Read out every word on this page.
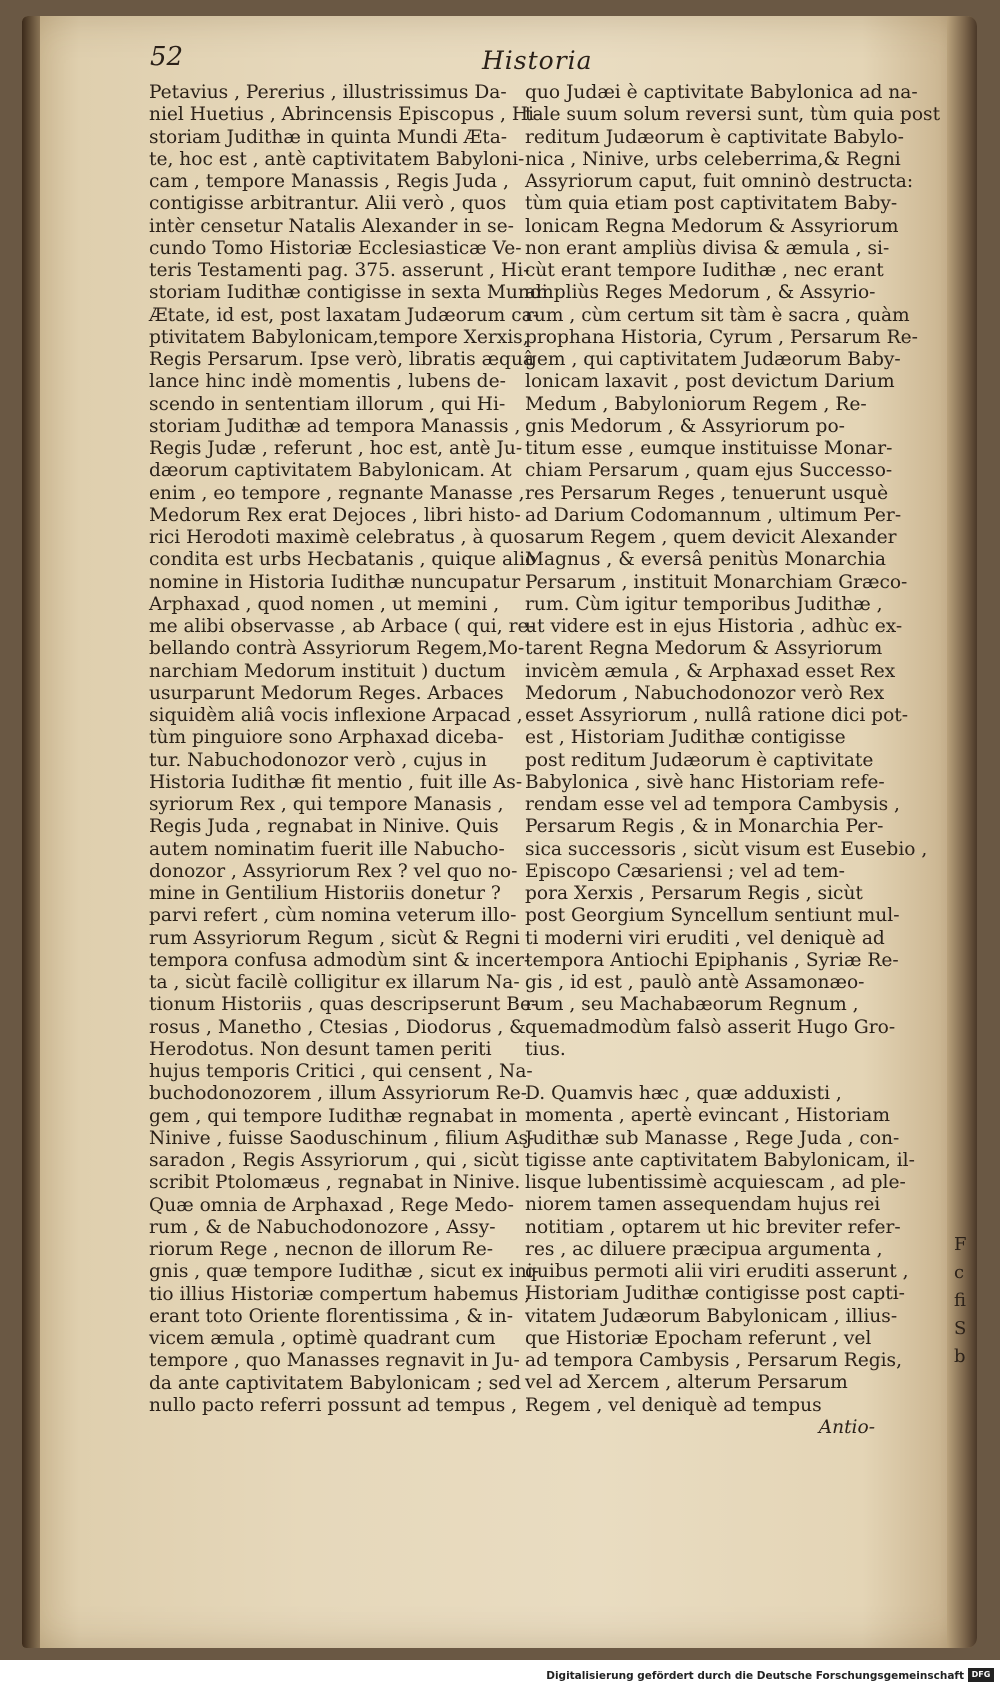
52	Historia
Petavius , Pererius , illustrissimus Da-
niel Huetius , Abrincensis Episcopus , Hi-
storiam Judithæ in quinta Mundi Æta-
te, hoc est , antè captivitatem Babyloni-
cam , tempore Manassis , Regis Juda ,
contigisse arbitrantur. Alii verò , quos
intèr censetur Natalis Alexander in se-
cundo Tomo Historiæ Ecclesiasticæ Ve-
teris Testamenti pag. 375. asserunt , Hi-
storiam Iudithæ contigisse in sexta Mundi
Ætate, id est, post laxatam Judæorum ca-
ptivitatem Babylonicam,tempore Xerxis,
Regis Persarum. Ipse verò, libratis æquâ
lance hinc indè momentis , lubens de-
scendo in sententiam illorum , qui Hi-
storiam Judithæ ad tempora Manassis ,
Regis Judæ , referunt , hoc est, antè Ju-
dæorum captivitatem Babylonicam. At
enim , eo tempore , regnante Manasse ,
Medorum Rex erat Dejoces , libri histo-
rici Herodoti maximè celebratus , à quo
condita est urbs Hecbatanis , quique alio
nomine in Historia Iudithæ nuncupatur
Arphaxad , quod nomen , ut memini ,
me alibi observasse , ab Arbace ( qui, re-
bellando contrà Assyriorum Regem,Mo-
narchiam Medorum instituit ) ductum
usurparunt Medorum Reges. Arbaces
siquidèm aliâ vocis inflexione Arpacad ,
tùm pinguiore sono Arphaxad diceba-
tur. Nabuchodonozor verò , cujus in
Historia Iudithæ fit mentio , fuit ille As-
syriorum Rex , qui tempore Manasis ,
Regis Juda , regnabat in Ninive. Quis
autem nominatim fuerit ille Nabucho-
donozor , Assyriorum Rex ? vel quo no-
mine in Gentilium Historiis donetur ?
parvi refert , cùm nomina veterum illo-
rum Assyriorum Regum , sicùt & Regni
tempora confusa admodùm sint & incer-
ta , sicùt facilè colligitur ex illarum Na-
tionum Historiis , quas descripserunt Be-
rosus , Manetho , Ctesias , Diodorus , &
Herodotus. Non desunt tamen periti
hujus temporis Critici , qui censent , Na-
buchodonozorem , illum Assyriorum Re-
gem , qui tempore Iudithæ regnabat in
Ninive , fuisse Saoduschinum , filium As-
saradon , Regis Assyriorum , qui , sicùt
scribit Ptolomæus , regnabat in Ninive.
Quæ omnia de Arphaxad , Rege Medo-
rum , & de Nabuchodonozore , Assy-
riorum Rege , necnon de illorum Re-
gnis , quæ tempore Iudithæ , sicut ex ini-
tio illius Historiæ compertum habemus ,
erant toto Oriente florentissima , & in-
vicem æmula , optimè quadrant cum
tempore , quo Manasses regnavit in Ju-
da ante captivitatem Babylonicam ; sed
nullo pacto referri possunt ad tempus ,
quo Judæi è captivitate Babylonica ad na-
tale suum solum reversi sunt, tùm quia post
reditum Judæorum è captivitate Babylo-
nica , Ninive, urbs celeberrima,& Regni
Assyriorum caput, fuit omninò destructa:
tùm quia etiam post captivitatem Baby-
lonicam Regna Medorum & Assyriorum
non erant ampliùs divisa & æmula , si-
cùt erant tempore Iudithæ , nec erant
ampliùs Reges Medorum , & Assyrio-
rum , cùm certum sit tàm è sacra , quàm
prophana Historia, Cyrum , Persarum Re-
gem , qui captivitatem Judæorum Baby-
lonicam laxavit , post devictum Darium
Medum , Babyloniorum Regem , Re-
gnis Medorum , & Assyriorum po-
titum esse , eumque instituisse Monar-
chiam Persarum , quam ejus Successo-
res Persarum Reges , tenuerunt usquè
ad Darium Codomannum , ultimum Per-
sarum Regem , quem devicit Alexander
Magnus , & eversâ penitùs Monarchia
Persarum , instituit Monarchiam Græco-
rum. Cùm igitur temporibus Judithæ ,
ut videre est in ejus Historia , adhùc ex-
tarent Regna Medorum & Assyriorum
invicèm æmula , & Arphaxad esset Rex
Medorum , Nabuchodonozor verò Rex
esset Assyriorum , nullâ ratione dici pot-
est , Historiam Judithæ contigisse
post reditum Judæorum è captivitate
Babylonica , sivè hanc Historiam refe-
rendam esse vel ad tempora Cambysis ,
Persarum Regis , & in Monarchia Per-
sica successoris , sicùt visum est Eusebio ,
Episcopo Cæsariensi ; vel ad tem-
pora Xerxis , Persarum Regis , sicùt
post Georgium Syncellum sentiunt mul-
ti moderni viri eruditi , vel deniquè ad
tempora Antiochi Epiphanis , Syriæ Re-
gis , id est , paulò antè Assamonæo-
rum , seu Machabæorum Regnum ,
quemadmodùm falsò asserit Hugo Gro-
tius.
D. Quamvis hæc , quæ adduxisti ,
momenta , apertè evincant , Historiam
Judithæ sub Manasse , Rege Juda , con-
tigisse ante captivitatem Babylonicam, il-
lisque lubentissimè acquiescam , ad ple-
niorem tamen assequendam hujus rei
notitiam , optarem ut hic breviter refer-
res , ac diluere præcipua argumenta ,
quibus permoti alii viri eruditi asserunt ,
Historiam Judithæ contigisse post capti-
vitatem Judæorum Babylonicam , illius-
que Historiæ Epocham referunt , vel
ad tempora Cambysis , Persarum Regis,
vel ad Xercem , alterum Persarum
Regem , vel deniquè ad tempus
Antio-
F
c
fi
S
b
Digitalisierung gefördert durch die Deutsche Forschungsgemeinschaft DFG
